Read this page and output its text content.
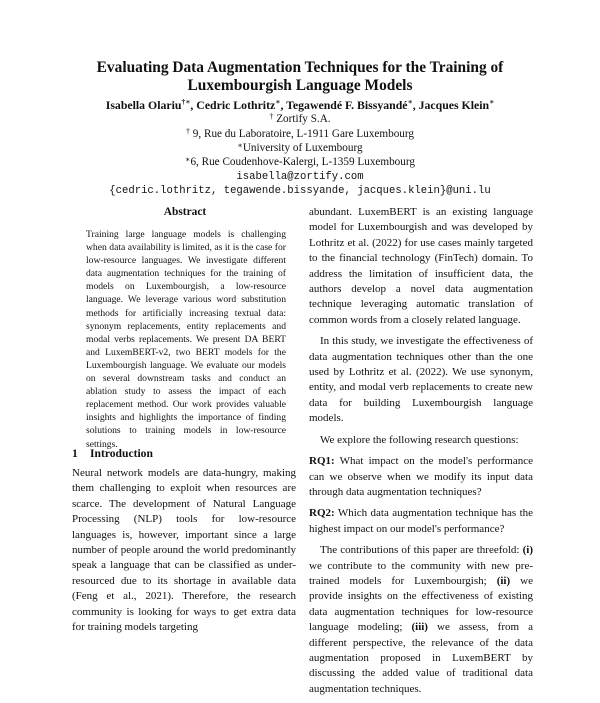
Evaluating Data Augmentation Techniques for the Training of
Luxembourgish Language Models
Isabella Olariu†∗, Cedric Lothritz∗, Tegawendé F. Bissyandé∗, Jacques Klein∗
† Zortify S.A.
† 9, Rue du Laboratoire, L-1911 Gare Luxembourg
∗University of Luxembourg
∗6, Rue Coudenhove-Kalergi, L-1359 Luxembourg
isabella@zortify.com
{cedric.lothritz, tegawende.bissyande, jacques.klein}@uni.lu
Abstract

Training large language models is challenging when data availability is limited, as it is the case for low-resource languages. We investigate different data augmentation techniques for the training of models on Luxembourgish, a low-resource language. We leverage various word substitution methods for artificially increasing textual data: synonym replacements, entity replacements and modal verbs replacements. We present DA BERT and LuxemBERT-v2, two BERT models for the Luxembourgish language. We evaluate our models on several downstream tasks and conduct an ablation study to assess the impact of each replacement method. Our work provides valuable insights and highlights the importance of finding solutions to training models in low-resource settings.

1 Introduction

Neural network models are data-hungry, making them challenging to exploit when resources are scarce. The development of Natural Language Processing (NLP) tools for low-resource languages is, however, important since a large number of people around the world predominantly speak a language that can be classified as under-resourced due to its shortage in available data (Feng et al., 2021). Therefore, the research community is looking for ways to get extra data for training models targeting

abundant. LuxemBERT is an existing language model for Luxembourgish and was developed by Lothritz et al. (2022) for use cases mainly targeted to the financial technology (FinTech) domain. To address the limitation of insufficient data, the authors develop a novel data augmentation technique leveraging automatic translation of common words from a closely related language.

In this study, we investigate the effectiveness of data augmentation techniques other than the one used by Lothritz et al. (2022). We use synonym, entity, and modal verb replacements to create new data for building Luxembourgish language models.

We explore the following research questions:

RQ1: What impact on the model's performance can we observe when we modify its input data through data augmentation techniques?

RQ2: Which data augmentation technique has the highest impact on our model's performance?

The contributions of this paper are threefold: (i) we contribute to the community with new pre-trained models for Luxembourgish; (ii) we provide insights on the effectiveness of existing data augmentation techniques for low-resource language modeling; (iii) we assess, from a different perspective, the relevance of the data augmentation proposed in LuxemBERT by discussing the added value of traditional data augmentation techniques.
